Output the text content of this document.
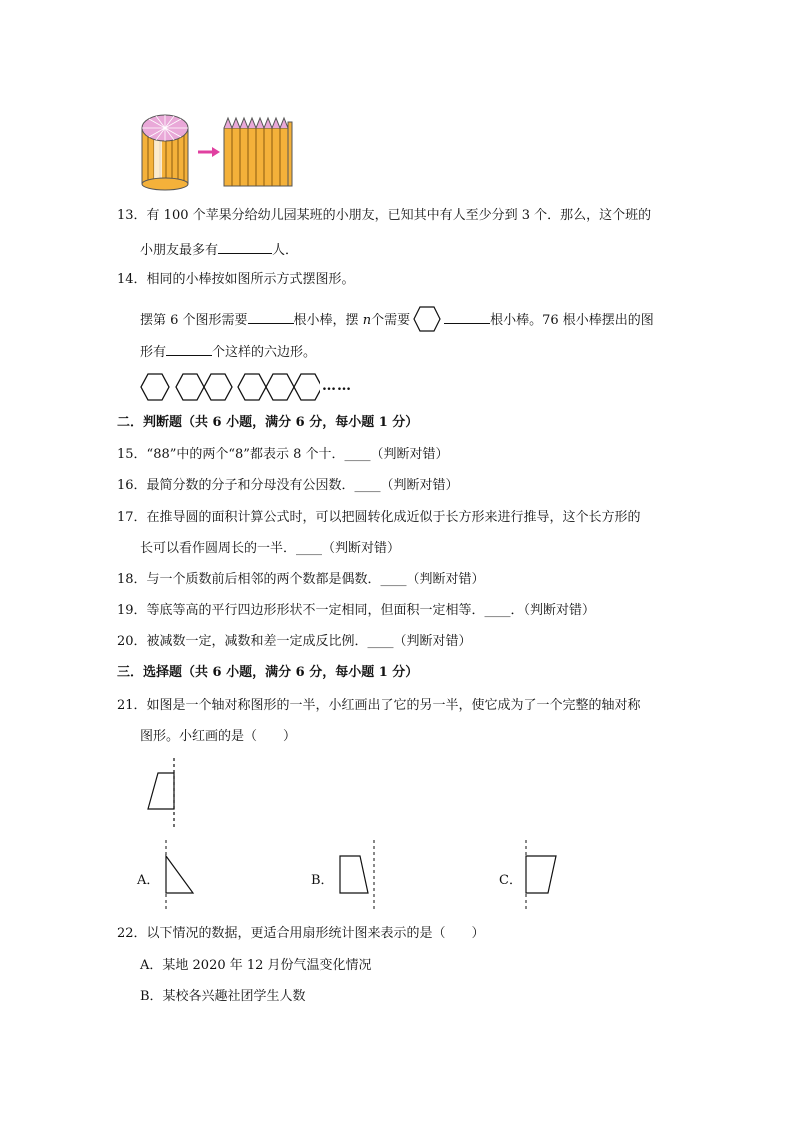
13．有 100 个苹果分给幼儿园某班的小朋友，已知其中有人至少分到 3 个．那么，这个班的
小朋友最多有	人．
14．相同的小棒按如图所示方式摆图形。
摆第 6 个图形需要	根小棒，摆 n个需要	根小棒。76 根小棒摆出的图
形有	个这样的六边形。
……
二．判断题（共 6 小题，满分 6 分，每小题 1 分）
15．“88”中的两个“8”都表示 8 个十．____（判断对错）
16．最简分数的分子和分母没有公因数．____（判断对错）
17．在推导圆的面积计算公式时，可以把圆转化成近似于长方形来进行推导，这个长方形的
长可以看作圆周长的一半．____（判断对错）
18．与一个质数前后相邻的两个数都是偶数．____（判断对错）
19．等底等高的平行四边形形状不一定相同，但面积一定相等．____．（判断对错）
20．被减数一定，减数和差一定成反比例．____（判断对错）
三．选择题（共 6 小题，满分 6 分，每小题 1 分）
21．如图是一个轴对称图形的一半，小红画出了它的另一半，使它成为了一个完整的轴对称
图形。小红画的是（　　）
A．	B．	C．
22．以下情况的数据，更适合用扇形统计图来表示的是（　　）
A．某地 2020 年 12 月份气温变化情况
B．某校各兴趣社团学生人数
